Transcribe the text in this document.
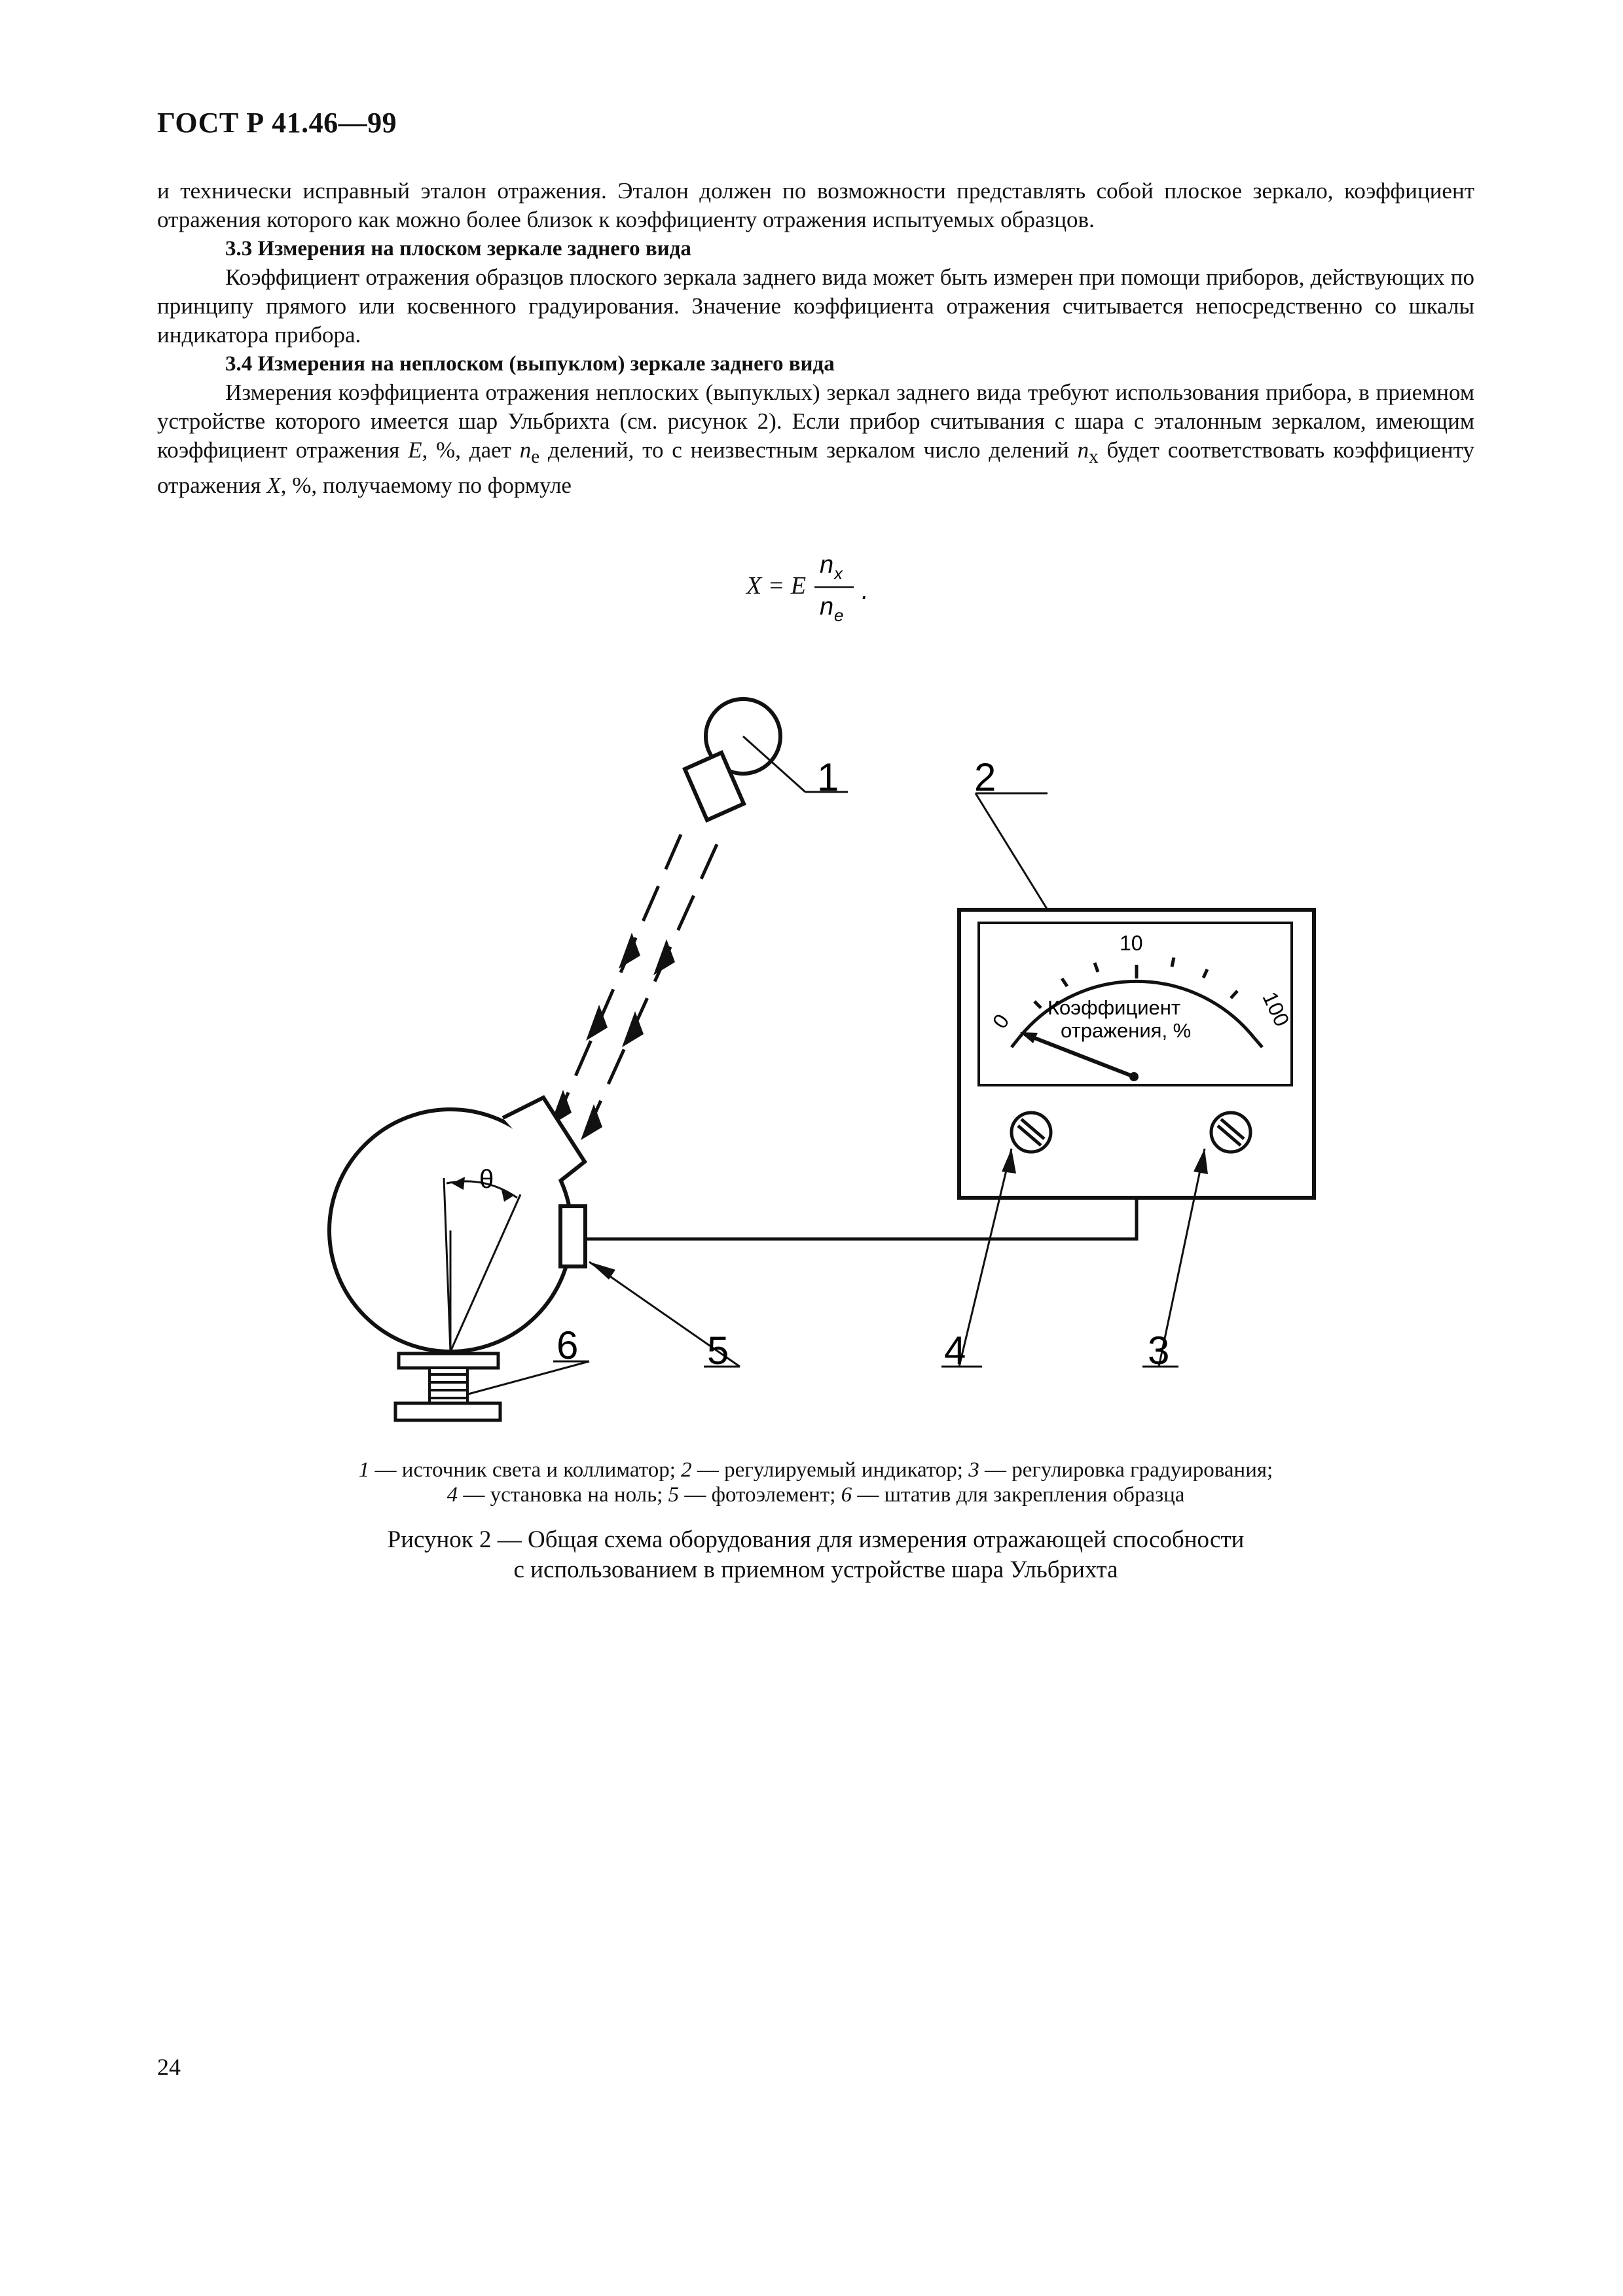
ГОСТ Р 41.46—99

и технически исправный эталон отражения. Эталон должен по возможности представлять собой плоское зеркало, коэффициент отражения которого как можно более близок к коэффициенту отражения испытуемых образцов.

3.3 Измерения на плоском зеркале заднего вида

Коэффициент отражения образцов плоского зеркала заднего вида может быть измерен при помощи приборов, действующих по принципу прямого или косвенного градуирования. Значение коэффициента отражения считывается непосредственно со шкалы индикатора прибора.

3.4 Измерения на неплоском (выпуклом) зеркале заднего вида

Измерения коэффициента отражения неплоских (выпуклых) зеркал заднего вида требуют использования прибора, в приемном устройстве которого имеется шар Ульбрихта (см. рисунок 2). Если прибор считывания с шара с эталонным зеркалом, имеющим коэффициент отражения E, %, дает $n_e$ делений, то с неизвестным зеркалом число делений $n_x$ будет соответствовать коэффициенту отражения X, %, получаемому по формуле

X = E
n x
n e
.
θ
10
0	100
Коэффициент
отражения, %
1	2
3
4
5
6
1 — источник света и коллиматор; 2 — регулируемый индикатор; 3 — регулировка градуирования;
4 — установка на ноль; 5 — фотоэлемент; 6 — штатив для закрепления образца
Рисунок 2 — Общая схема оборудования для измерения отражающей способности
с использованием в приемном устройстве шара Ульбрихта
24
